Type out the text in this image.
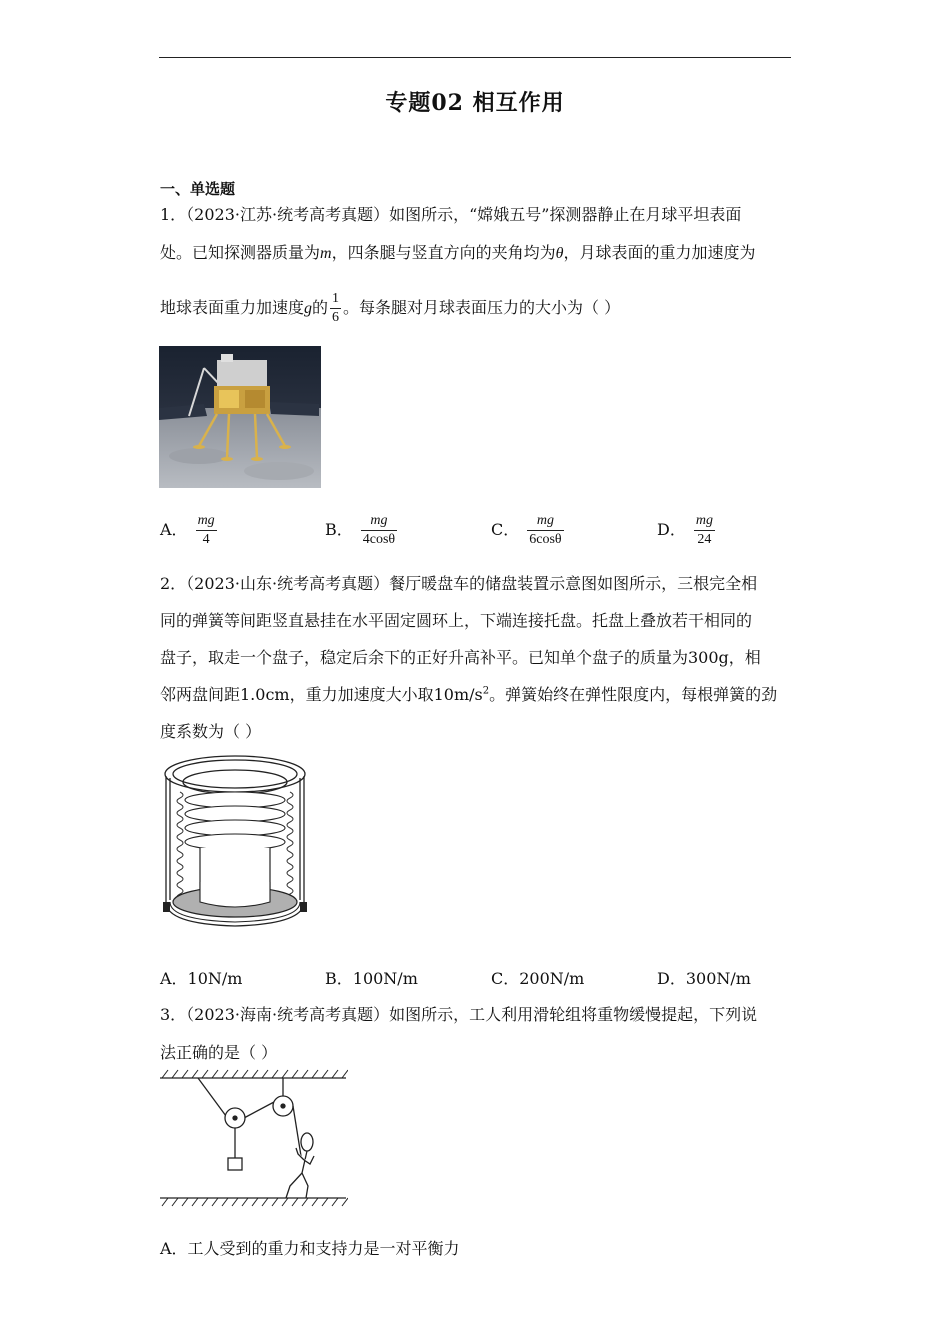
专题02 相互作用
一、单选题
1．（2023·江苏·统考高考真题）如图所示，“嫦娥五号”探测器静止在月球平坦表面
处。已知探测器质量为m，四条腿与竖直方向的夹角均为θ，月球表面的重力加速度为
地球表面重力加速度g的 $\frac{1}{6}$ 。每条腿对月球表面压力的大小为（ ）
A． $\frac{mg}{4}$	B． $\frac{mg}{4\cos\theta}$	C． $\frac{mg}{6\cos\theta}$	D． $\frac{mg}{24}$
2．（2023·山东·统考高考真题）餐厅暖盘车的储盘装置示意图如图所示，三根完全相
同的弹簧等间距竖直悬挂在水平固定圆环上，下端连接托盘。托盘上叠放若干相同的
盘子，取走一个盘子，稳定后余下的正好升高补平。已知单个盘子的质量为300g，相
邻两盘间距1.0cm，重力加速度大小取$10m/s^2$。弹簧始终在弹性限度内，每根弹簧的劲
度系数为（ ）
A．10N/m	B．100N/m	C．200N/m	D．300N/m
3．（2023·海南·统考高考真题）如图所示，工人利用滑轮组将重物缓慢提起，下列说
法正确的是（ ）
A．工人受到的重力和支持力是一对平衡力
